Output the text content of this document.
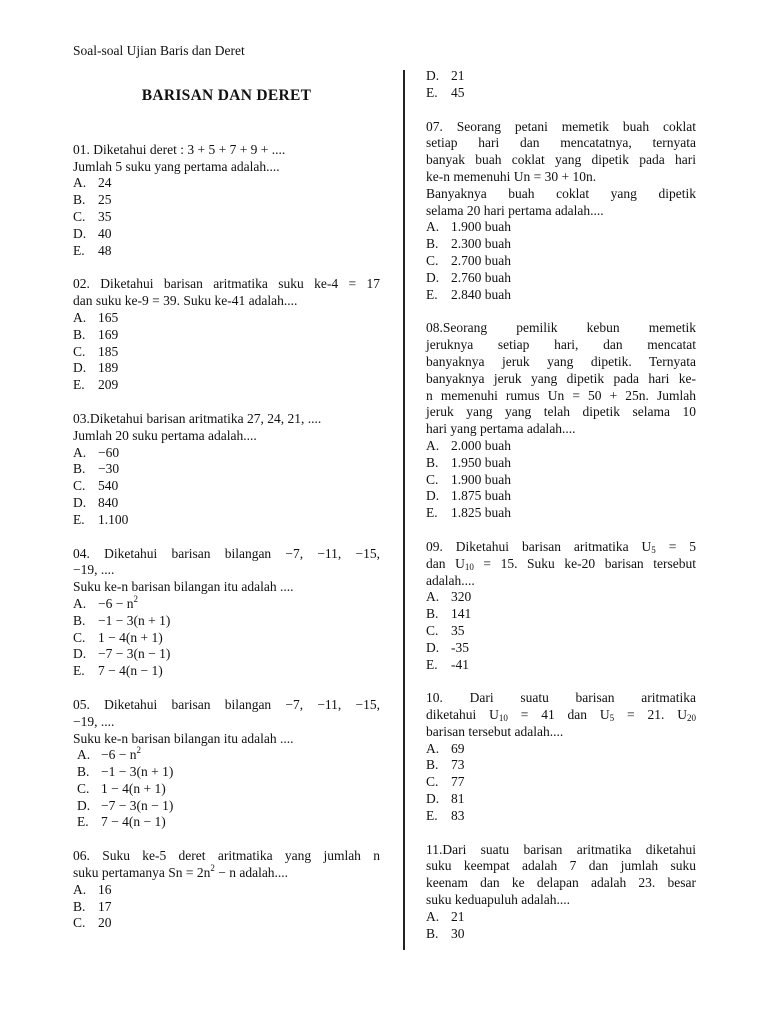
Soal-soal Ujian Baris dan Deret
BARISAN DAN DERET
01. Diketahui deret : 3 + 5 + 7 + 9 + ....
Jumlah 5 suku yang pertama adalah....
A. 24
B. 25
C. 35
D. 40
E. 48
02. Diketahui barisan aritmatika suku ke-4 = 17
dan suku ke-9 = 39. Suku ke-41 adalah....
A. 165
B. 169
C. 185
D. 189
E. 209
03.Diketahui barisan aritmatika 27, 24, 21, ....
Jumlah 20 suku pertama adalah....
A. −60
B. −30
C. 540
D. 840
E. 1.100
04. Diketahui barisan bilangan −7, −11, −15,
−19, ....
Suku ke-n barisan bilangan itu adalah ....
A. $-6 - n^2$
B. −1 − 3(n + 1)
C. 1 − 4(n + 1)
D. −7 − 3(n − 1)
E. 7 − 4(n − 1)
05. Diketahui barisan bilangan −7, −11, −15,
−19, ....
Suku ke-n barisan bilangan itu adalah ....
A. $-6 - n^2$
B. −1 − 3(n + 1)
C. 1 − 4(n + 1)
D. −7 − 3(n − 1)
E. 7 − 4(n − 1)
06. Suku ke-5 deret aritmatika yang jumlah n
suku pertamanya $Sn = 2n^2 - n$ adalah....
A. 16
B. 17
C. 20
D. 21
E. 45
07. Seorang petani memetik buah coklat
setiap hari dan mencatatnya, ternyata
banyak buah coklat yang dipetik pada hari
ke-n memenuhi Un = 30 + 10n.
Banyaknya buah coklat yang dipetik
selama 20 hari pertama adalah....
A. 1.900 buah
B. 2.300 buah
C. 2.700 buah
D. 2.760 buah
E. 2.840 buah
08.Seorang pemilik kebun memetik
jeruknya setiap hari, dan mencatat
banyaknya jeruk yang dipetik. Ternyata
banyaknya jeruk yang dipetik pada hari ke-
n memenuhi rumus Un = 50 + 25n. Jumlah
jeruk yang yang telah dipetik selama 10
hari yang pertama adalah....
A. 2.000 buah
B. 1.950 buah
C. 1.900 buah
D. 1.875 buah
E. 1.825 buah
09. Diketahui barisan aritmatika $U_5 = 5$
dan $U_{10} = 15$. Suku ke-20 barisan tersebut
adalah....
A. 320
B. 141
C. 35
D. -35
E. -41
10. Dari suatu barisan aritmatika
diketahui $U_{10} = 41$ dan $U_5 = 21$. $U_{20}$
barisan tersebut adalah....
A. 69
B. 73
C. 77
D. 81
E. 83
11.Dari suatu barisan aritmatika diketahui
suku keempat adalah 7 dan jumlah suku
keenam dan ke delapan adalah 23. besar
suku keduapuluh adalah....
A. 21
B. 30
